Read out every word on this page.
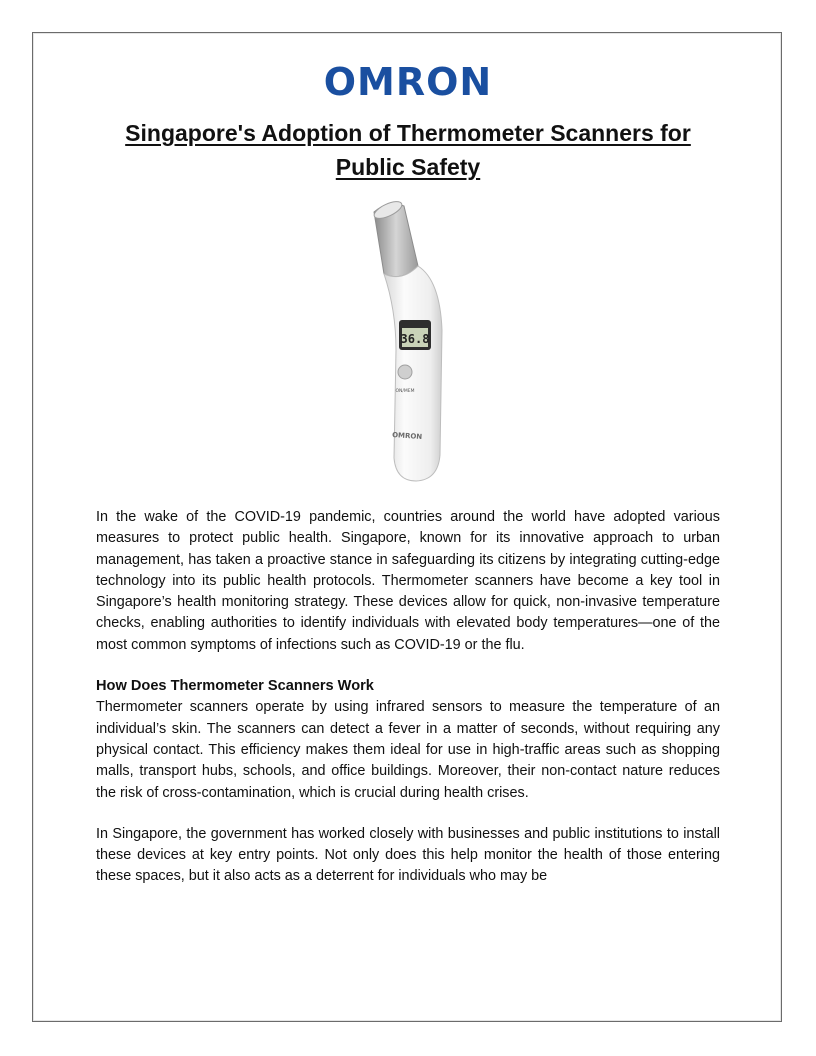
OMRON
Singapore's Adoption of Thermometer Scanners for Public Safety
36.8
ON/MEM
OMRON

In the wake of the COVID-19 pandemic, countries around the world have adopted various measures to protect public health. Singapore, known for its innovative approach to urban management, has taken a proactive stance in safeguarding its citizens by integrating cutting-edge technology into its public health protocols. Thermometer scanners have become a key tool in Singapore’s health monitoring strategy. These devices allow for quick, non-invasive temperature checks, enabling authorities to identify individuals with elevated body temperatures—one of the most common symptoms of infections such as COVID-19 or the flu.

How Does Thermometer Scanners Work

Thermometer scanners operate by using infrared sensors to measure the temperature of an individual’s skin. The scanners can detect a fever in a matter of seconds, without requiring any physical contact. This efficiency makes them ideal for use in high-traffic areas such as shopping malls, transport hubs, schools, and office buildings. Moreover, their non-contact nature reduces the risk of cross-contamination, which is crucial during health crises.

In Singapore, the government has worked closely with businesses and public institutions to install these devices at key entry points. Not only does this help monitor the health of those entering these spaces, but it also acts as a deterrent for individuals who may be
